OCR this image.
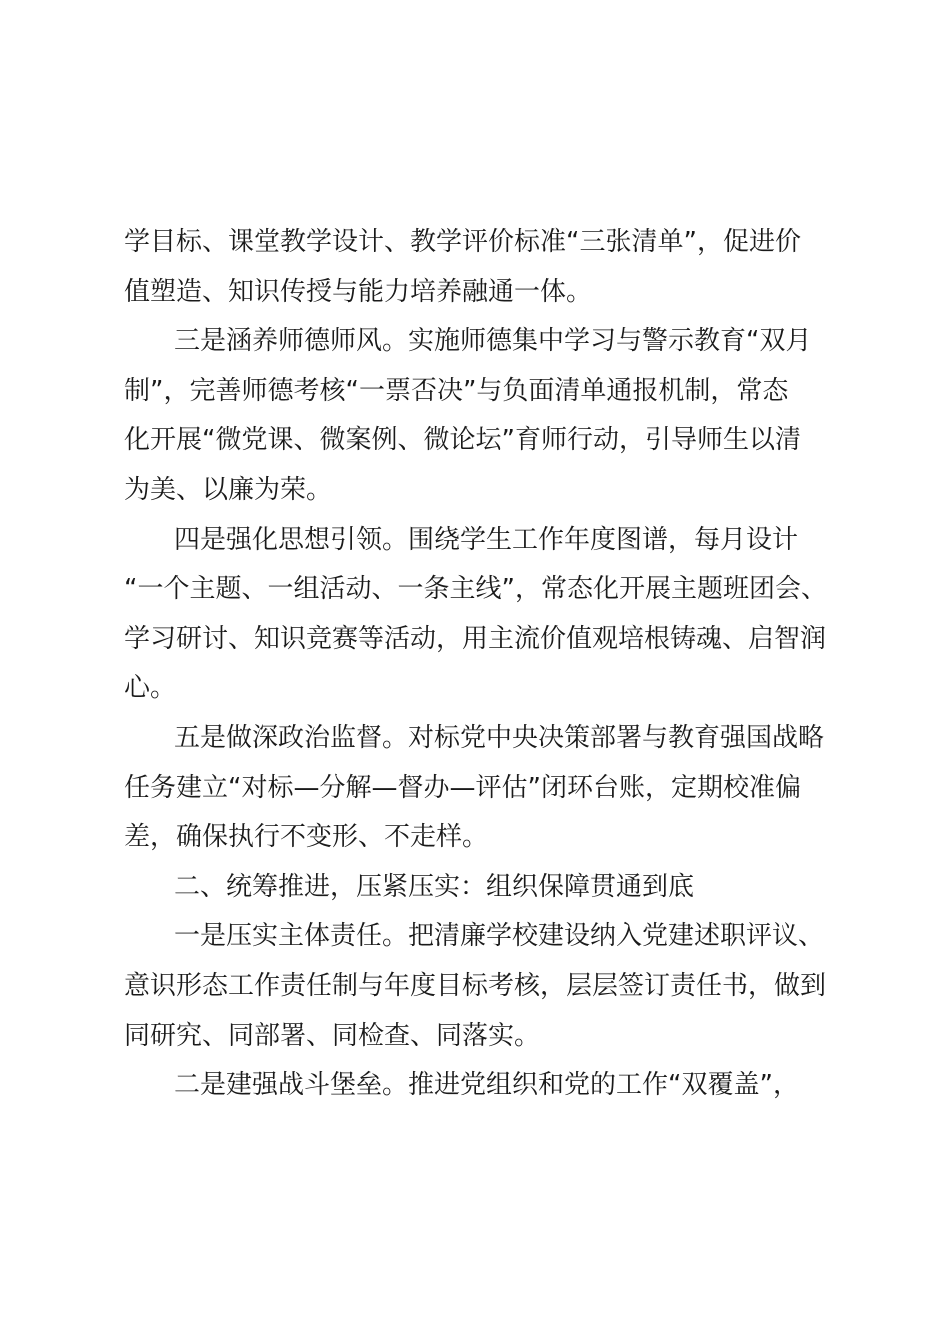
学目标、课堂教学设计、教学评价标准“三张清单”，促进价
值塑造、知识传授与能力培养融通一体。
三是涵养师德师风。实施师德集中学习与警示教育“双月
制”，完善师德考核“一票否决”与负面清单通报机制，常态
化开展“微党课、微案例、微论坛”育师行动，引导师生以清
为美、以廉为荣。
四是强化思想引领。围绕学生工作年度图谱，每月设计
“一个主题、一组活动、一条主线”，常态化开展主题班团会、
学习研讨、知识竞赛等活动，用主流价值观培根铸魂、启智润
心。
五是做深政治监督。对标党中央决策部署与教育强国战略
任务建立“对标—分解—督办—评估”闭环台账，定期校准偏
差，确保执行不变形、不走样。
二、统筹推进，压紧压实：组织保障贯通到底
一是压实主体责任。把清廉学校建设纳入党建述职评议、
意识形态工作责任制与年度目标考核，层层签订责任书，做到
同研究、同部署、同检查、同落实。
二是建强战斗堡垒。推进党组织和党的工作“双覆盖”，
